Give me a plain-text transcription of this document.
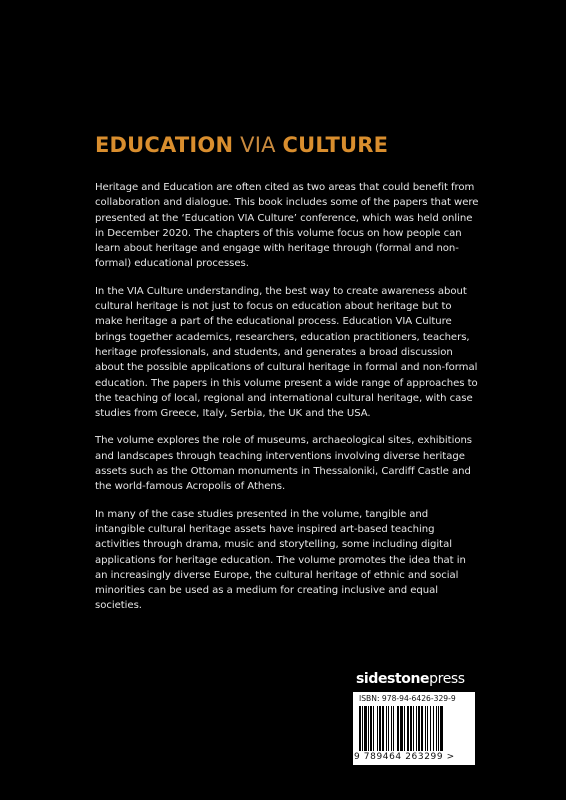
EDUCATION VIA CULTURE

Heritage and Education are often cited as two areas that could benefit from collaboration and dialogue. This book includes some of the papers that were presented at the ‘Education VIA Culture’ conference, which was held online in December 2020. The chapters of this volume focus on how people can learn about heritage and engage with heritage through (formal and non-formal) educational processes.

In the VIA Culture understanding, the best way to create awareness about cultural heritage is not just to focus on education about heritage but to make heritage a part of the educational process. Education VIA Culture brings together academics, researchers, education practitioners, teachers, heritage professionals, and students, and generates a broad discussion about the possible applications of cultural heritage in formal and non-formal education. The papers in this volume present a wide range of approaches to the teaching of local, regional and international cultural heritage, with case studies from Greece, Italy, Serbia, the UK and the USA.

The volume explores the role of museums, archaeological sites, exhibitions and landscapes through teaching interventions involving diverse heritage assets such as the Ottoman monuments in Thessaloniki, Cardiff Castle and the world-famous Acropolis of Athens.

In many of the case studies presented in the volume, tangible and intangible cultural heritage assets have inspired art-based teaching activities through drama, music and storytelling, some including digital applications for heritage education. The volume promotes the idea that in an increasingly diverse Europe, the cultural heritage of ethnic and social minorities can be used as a medium for creating inclusive and equal societies.

sidestonepress
ISBN: 978-94-6426-329-9
9 789464 263299 >
